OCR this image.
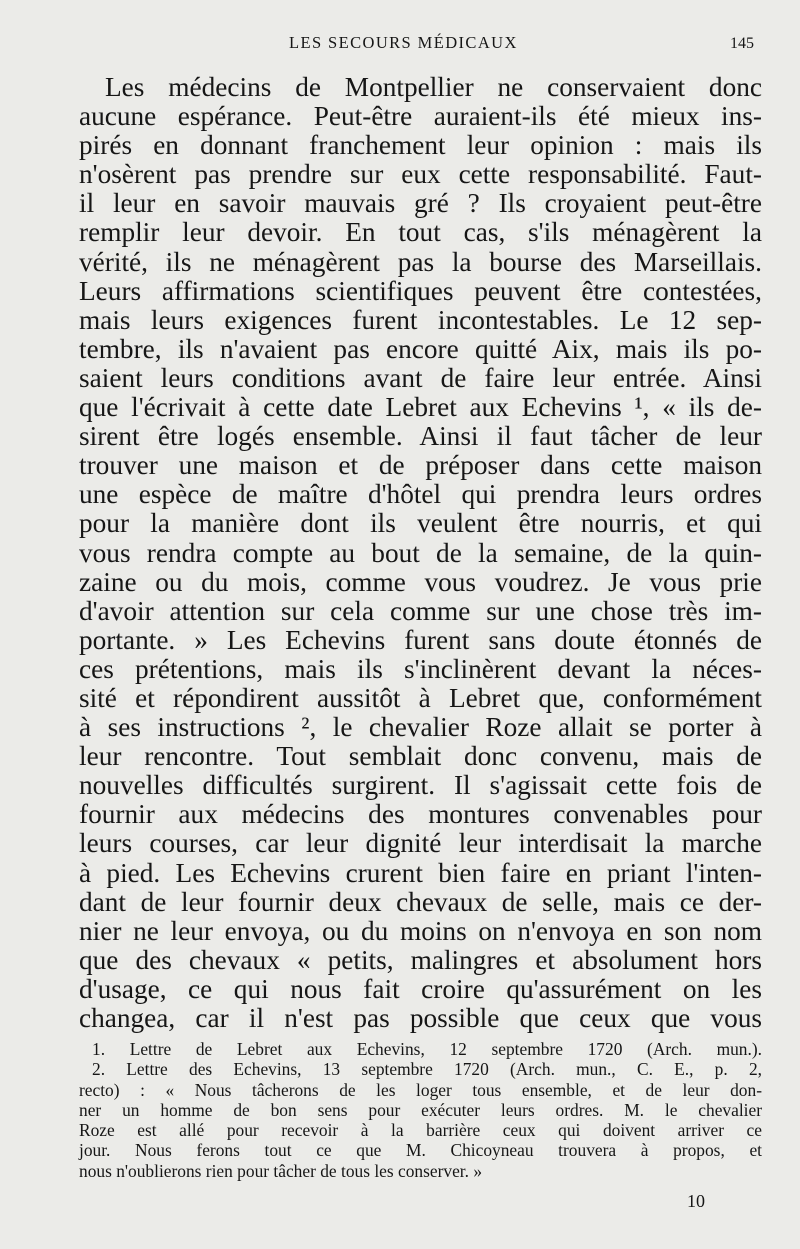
LES SECOURS MÉDICAUX	145
Les médecins de Montpellier ne conservaient donc
aucune espérance. Peut-être auraient-ils été mieux ins-
pirés en donnant franchement leur opinion : mais ils
n'osèrent pas prendre sur eux cette responsabilité. Faut-
il leur en savoir mauvais gré ? Ils croyaient peut-être
remplir leur devoir. En tout cas, s'ils ménagèrent la
vérité, ils ne ménagèrent pas la bourse des Marseillais.
Leurs affirmations scientifiques peuvent être contestées,
mais leurs exigences furent incontestables. Le 12 sep-
tembre, ils n'avaient pas encore quitté Aix, mais ils po-
saient leurs conditions avant de faire leur entrée. Ainsi
que l'écrivait à cette date Lebret aux Echevins ¹, « ils de-
sirent être logés ensemble. Ainsi il faut tâcher de leur
trouver une maison et de préposer dans cette maison
une espèce de maître d'hôtel qui prendra leurs ordres
pour la manière dont ils veulent être nourris, et qui
vous rendra compte au bout de la semaine, de la quin-
zaine ou du mois, comme vous voudrez. Je vous prie
d'avoir attention sur cela comme sur une chose très im-
portante. » Les Echevins furent sans doute étonnés de
ces prétentions, mais ils s'inclinèrent devant la néces-
sité et répondirent aussitôt à Lebret que, conformément
à ses instructions ², le chevalier Roze allait se porter à
leur rencontre. Tout semblait donc convenu, mais de
nouvelles difficultés surgirent. Il s'agissait cette fois de
fournir aux médecins des montures convenables pour
leurs courses, car leur dignité leur interdisait la marche
à pied. Les Echevins crurent bien faire en priant l'inten-
dant de leur fournir deux chevaux de selle, mais ce der-
nier ne leur envoya, ou du moins on n'envoya en son nom
que des chevaux « petits, malingres et absolument hors
d'usage, ce qui nous fait croire qu'assurément on les
changea, car il n'est pas possible que ceux que vous
1. Lettre de Lebret aux Echevins, 12 septembre 1720 (Arch. mun.).
2. Lettre des Echevins, 13 septembre 1720 (Arch. mun., C. E., p. 2,
recto) : « Nous tâcherons de les loger tous ensemble, et de leur don-
ner un homme de bon sens pour exécuter leurs ordres. M. le chevalier
Roze est allé pour recevoir à la barrière ceux qui doivent arriver ce
jour. Nous ferons tout ce que M. Chicoyneau trouvera à propos, et
nous n'oublierons rien pour tâcher de tous les conserver. »
10
